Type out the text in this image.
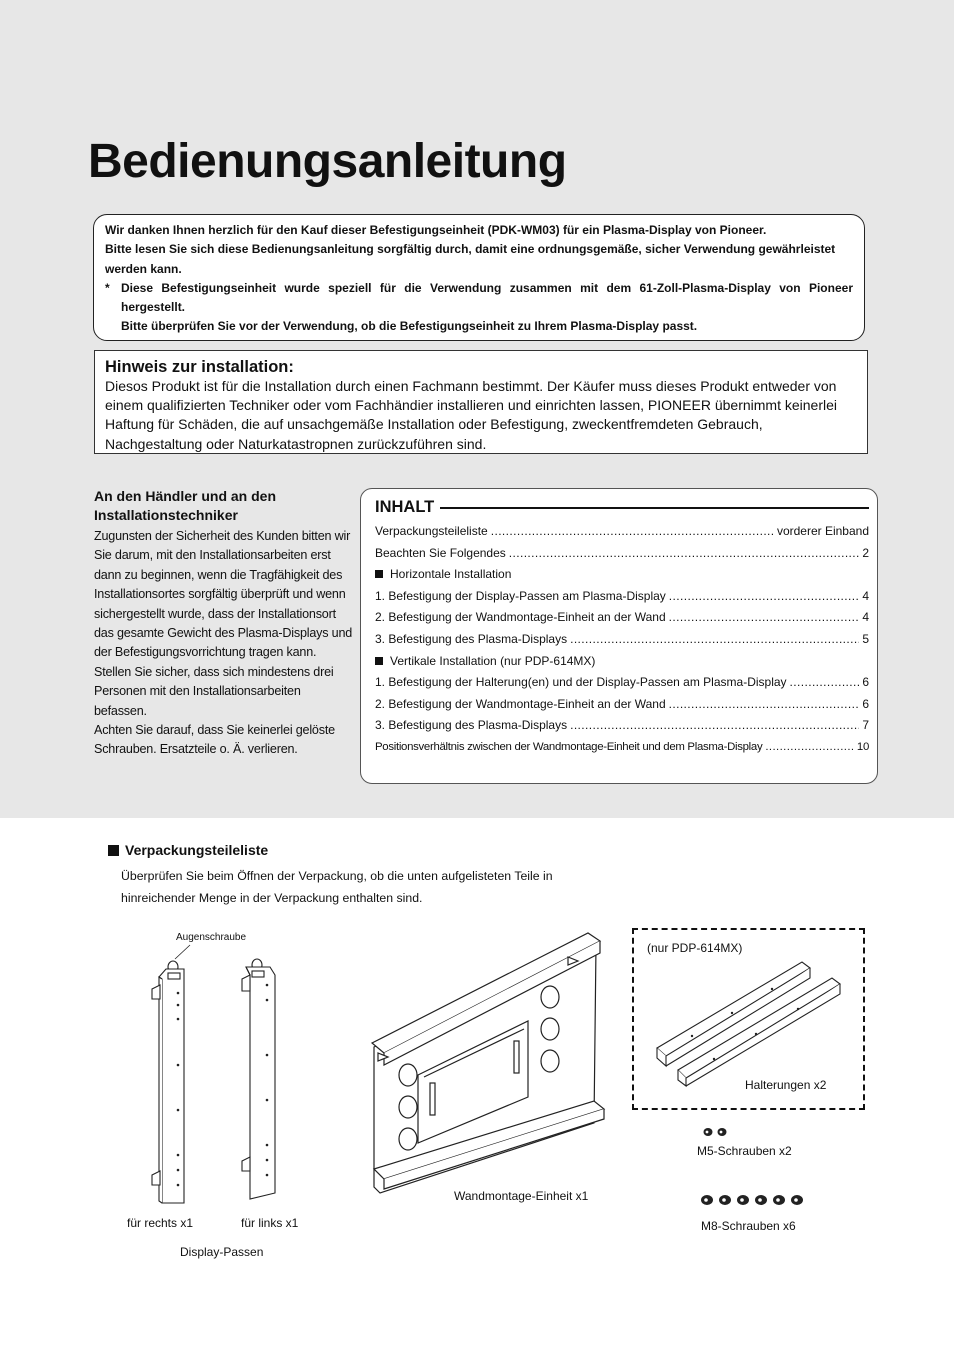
Bedienungsanleitung

Wir danken Ihnen herzlich für den Kauf dieser Befestigungseinheit (PDK-WM03) für ein Plasma-Display von Pioneer.

Bitte lesen Sie sich diese Bedienungsanleitung sorgfältig durch, damit eine ordnungsgemäße, sicher Verwendung gewährleistet werden kann.

* Diese Befestigungseinheit wurde speziell für die Verwendung zusammen mit dem 61-Zoll-Plasma-Display von Pioneer hergestellt.

Bitte überprüfen Sie vor der Verwendung, ob die Befestigungseinheit zu Ihrem Plasma-Display passt.

Hinweis zur installation:

Diesos Produkt ist für die Installation durch einen Fachmann bestimmt. Der Käufer muss dieses Produkt entweder von einem qualifizierten Techniker oder vom Fachhändier installieren und einrichten lassen, PIONEER übernimmt keinerlei Haftung für Schäden, die auf unsachgemäße Installation oder Befestigung, zweckentfremdeten Gebrauch, Nachgestaltung oder Naturkatastropnen zurückzuführen sind.

An den Händler und an den Installationstechniker

Zugunsten der Sicherheit des Kunden bitten wir Sie darum, mit den Installationsarbeiten erst dann zu beginnen, wenn die Tragfähigkeit des Installationsortes sorgfältig überprüft und wenn sichergestellt wurde, dass der Installationsort das gesamte Gewicht des Plasma-Displays und der Befestigungsvorrichtung tragen kann.

Stellen Sie sicher, dass sich mindestens drei Personen mit den Installationsarbeiten befassen.

Achten Sie darauf, dass Sie keinerlei gelöste Schrauben. Ersatzteile o. Ä. verlieren.

INHALT
Verpackungsteileliste .....	vorderer Einband
Beachten Sie Folgendes .....	2
Horizontale Installation
1. Befestigung der Display-Passen am Plasma-Display .....	4
2. Befestigung der Wandmontage-Einheit an der Wand .....	4
3. Befestigung des Plasma-Displays .....	5
Vertikale Installation (nur PDP-614MX)
1. Befestigung der Halterung(en) und der Display-Passen am Plasma-Display .....	6
2. Befestigung der Wandmontage-Einheit an der Wand .....	6
3. Befestigung des Plasma-Displays .....	7
Positionsverhältnis zwischen der Wandmontage-Einheit und dem Plasma-Display .....	10
Verpackungsteileliste

Überprüfen Sie beim Öffnen der Verpackung, ob die unten aufgelisteten Teile in hinreichender Menge in der Verpackung enthalten sind.

Augenschraube
für rechts x1	für links x1
Display-Passen
Wandmontage-Einheit x1
(nur PDP-614MX)
Halterungen x2
M5-Schrauben x2
M8-Schrauben x6
